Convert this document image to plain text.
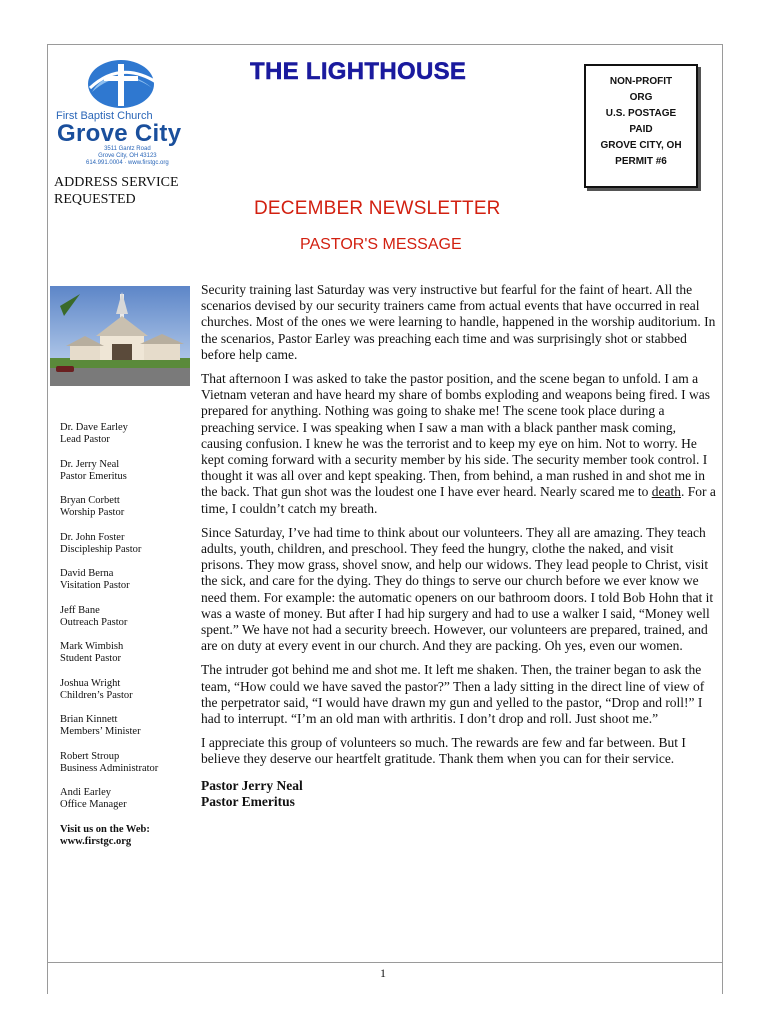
First Baptist Church
Grove City
3511 Gantz Road
Grove City, OH 43123
614.991.0004 · www.firstgc.org
ADDRESS SERVICE
REQUESTED
THE LIGHTHOUSE	NON-PROFIT
ORG
U.S. POSTAGE
PAID
GROVE CITY, OH
PERMIT #6
DECEMBER NEWSLETTER
PASTOR'S MESSAGE
Dr. Dave Earley
Lead Pastor
Dr. Jerry Neal
Pastor Emeritus
Bryan Corbett
Worship Pastor
Dr. John Foster
Discipleship Pastor
David Berna
Visitation Pastor
Jeff Bane
Outreach Pastor
Mark Wimbish
Student Pastor
Joshua Wright
Children’s Pastor
Brian Kinnett
Members’ Minister
Robert Stroup
Business Administrator
Andi Earley
Office Manager
Visit us on the Web:
www.firstgc.org

Security training last Saturday was very instructive but fearful for the faint of heart. All the scenarios devised by our security trainers came from actual events that have occurred in real churches. Most of the ones we were learning to handle, happened in the worship auditorium. In the scenarios, Pastor Earley was preaching each time and was surprisingly shot or stabbed before help came.

That afternoon I was asked to take the pastor position, and the scene began to unfold. I am a Vietnam veteran and have heard my share of bombs exploding and weapons being fired. I was prepared for anything. Nothing was going to shake me! The scene took place during a preaching service. I was speaking when I saw a man with a black panther mask coming, causing confusion. I knew he was the terrorist and to keep my eye on him. Not to worry. He kept coming forward with a security member by his side. The security member took control. I thought it was all over and kept speaking. Then, from behind, a man rushed in and shot me in the back. That gun shot was the loudest one I have ever heard. Nearly scared me to death. For a time, I couldn’t catch my breath.

Since Saturday, I’ve had time to think about our volunteers. They all are amazing. They teach adults, youth, children, and preschool. They feed the hungry, clothe the naked, and visit prisons. They mow grass, shovel snow, and help our widows. They lead people to Christ, visit the sick, and care for the dying. They do things to serve our church before we ever know we need them. For example: the automatic openers on our bathroom doors. I told Bob Hohn that it was a waste of money. But after I had hip surgery and had to use a walker I said, “Money well spent.” We have not had a security breech. However, our volunteers are prepared, trained, and are on duty at every event in our church. And they are packing. Oh yes, even our women.

The intruder got behind me and shot me. It left me shaken. Then, the trainer began to ask the team, “How could we have saved the pastor?” Then a lady sitting in the direct line of view of the perpetrator said, “I would have drawn my gun and yelled to the pastor, “Drop and roll!” I had to interrupt. “I’m an old man with arthritis. I don’t drop and roll. Just shoot me.”

I appreciate this group of volunteers so much. The rewards are few and far between. But I believe they deserve our heartfelt gratitude. Thank them when you can for their service.

Pastor Jerry Neal
Pastor Emeritus
1
